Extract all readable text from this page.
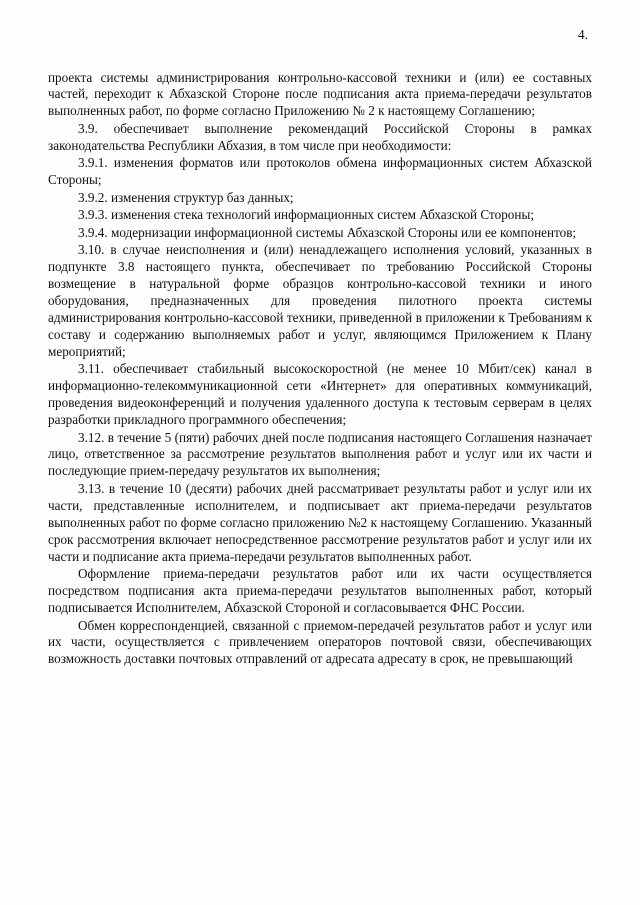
4.

проекта системы администрирования контрольно-кассовой техники и (или) ее составных частей, переходит к Абхазской Стороне после подписания акта приема-передачи результатов выполненных работ, по форме согласно Приложению № 2 к настоящему Соглашению;

3.9. обеспечивает выполнение рекомендаций Российской Стороны в рамках законодательства Республики Абхазия, в том числе при необходимости:

3.9.1. изменения форматов или протоколов обмена информационных систем Абхазской Стороны;

3.9.2. изменения структур баз данных;

3.9.3. изменения стека технологий информационных систем Абхазской Стороны;

3.9.4. модернизации информационной системы Абхазской Стороны или ее компонентов;

3.10. в случае неисполнения и (или) ненадлежащего исполнения условий, указанных в подпункте 3.8 настоящего пункта, обеспечивает по требованию Российской Стороны возмещение в натуральной форме образцов контрольно-кассовой техники и иного оборудования, предназначенных для проведения пилотного проекта системы администрирования контрольно-кассовой техники, приведенной в приложении к Требованиям к составу и содержанию выполняемых работ и услуг, являющимся Приложением к Плану мероприятий;

3.11. обеспечивает стабильный высокоскоростной (не менее 10 Мбит/сек) канал в информационно-телекоммуникационной сети «Интернет» для оперативных коммуникаций, проведения видеоконференций и получения удаленного доступа к тестовым серверам в целях разработки прикладного программного обеспечения;

3.12. в течение 5 (пяти) рабочих дней после подписания настоящего Соглашения назначает лицо, ответственное за рассмотрение результатов выполнения работ и услуг или их части и последующие прием-передачу результатов их выполнения;

3.13. в течение 10 (десяти) рабочих дней рассматривает результаты работ и услуг или их части, представленные исполнителем, и подписывает акт приема-передачи результатов выполненных работ по форме согласно приложению №2 к настоящему Соглашению. Указанный срок рассмотрения включает непосредственное рассмотрение результатов работ и услуг или их части и подписание акта приема-передачи результатов выполненных работ.

Оформление приема-передачи результатов работ или их части осуществляется посредством подписания акта приема-передачи результатов выполненных работ, который подписывается Исполнителем, Абхазской Стороной и согласовывается ФНС России.

Обмен корреспонденцией, связанной с приемом-передачей результатов работ и услуг или их части, осуществляется с привлечением операторов почтовой связи, обеспечивающих возможность доставки почтовых отправлений от адресата адресату в срок, не превышающий
